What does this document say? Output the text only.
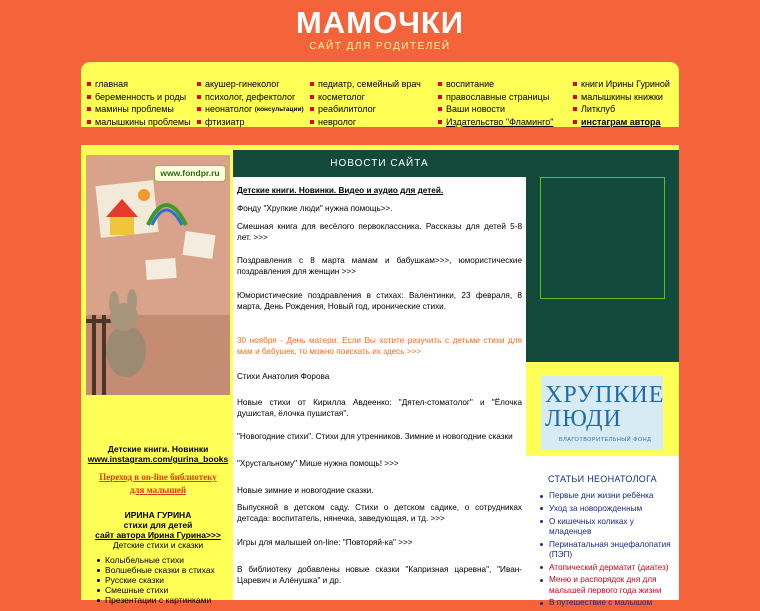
МАМОЧКИ
САЙТ ДЛЯ РОДИТЕЛЕЙ
главная
беременность и роды
мамины проблемы
малышкины проблемы
акушер-гинеколог
психолог, дефектолог
неонатолог
(консультации)
фтизиатр
педиатр, семейный врач
косметолог
реабилитолог
невролог
воспитание
православные страницы
Ваши новости
Издательство "Фламинго"
книги Ирины Гуриной
малышкины книжки
Литклуб
инстаграм автора
www.fondpr.ru
Детские книги. Новинки
www.instagram.com/gurina_books
Переход в on-line библиотеку
для малышей
ИРИНА ГУРИНА
стихи для детей
сайт автора Ирина Гурина>>>
Детские стихи и сказки
Колыбельные стихи
Волшебные сказки в стихах
Русские сказки
Смешные стихи
Презентации с картинками
НОВОСТИ САЙТА
Детские книги. Новинки. Видео и аудио для детей.
Фонду "Хрупкие люди" нужна помощь>>.
Смешная книга для весёлого первоклассника. Рассказы для детей 5-8 лет. >>>
Поздравления с 8 марта мамам и бабушкам>>>, юмористические поздравления для женщин >>>
Юмористические поздравления в стихах: Валентинки, 23 февраля, 8 марта, День Рождения, Новый год, иронические стихи.
30 ноября - День матери. Если Вы хотите разучить с детьми стихи для мам и бабушек, то можно поискать их здесь >>>
Стихи Анатолия Форова
Новые стихи от Кирилла Авдеенко: "Дятел-стоматолог" и "Ёлочка душистая, ёлочка пушистая".
"Новогодние стихи". Стихи для утренников. Зимние и новогодние сказки
"Хрустальному" Мише нужна помощь! >>>
Новые зимние и новогодние сказки.
Выпускной в детском саду. Стихи о детском садике, о сотрудниках детсада: воспитатель, нянечка, заведующая, и тд. >>>
Игры для малышей on-line: "Повторяй-ка" >>>
В библиотеку добавлены новые сказки "Капризная царевна", "Иван-Царевич и Алёнушка" и др.
ХРУПКИЕ
ЛЮДИ
БЛАГОТВОРИТЕЛЬНЫЙ ФОНД
СТАТЬИ НЕОНАТОЛОГА
Первые дни жизни ребёнка
Уход за новорожденным
О кишечных коликах у младенцев
Перинатальная энцефалопатия (ПЭП)
Атопический дерматит (диатез)
Меню и распорядок дня для малышей первого года жизни
В путешествие с малышом
